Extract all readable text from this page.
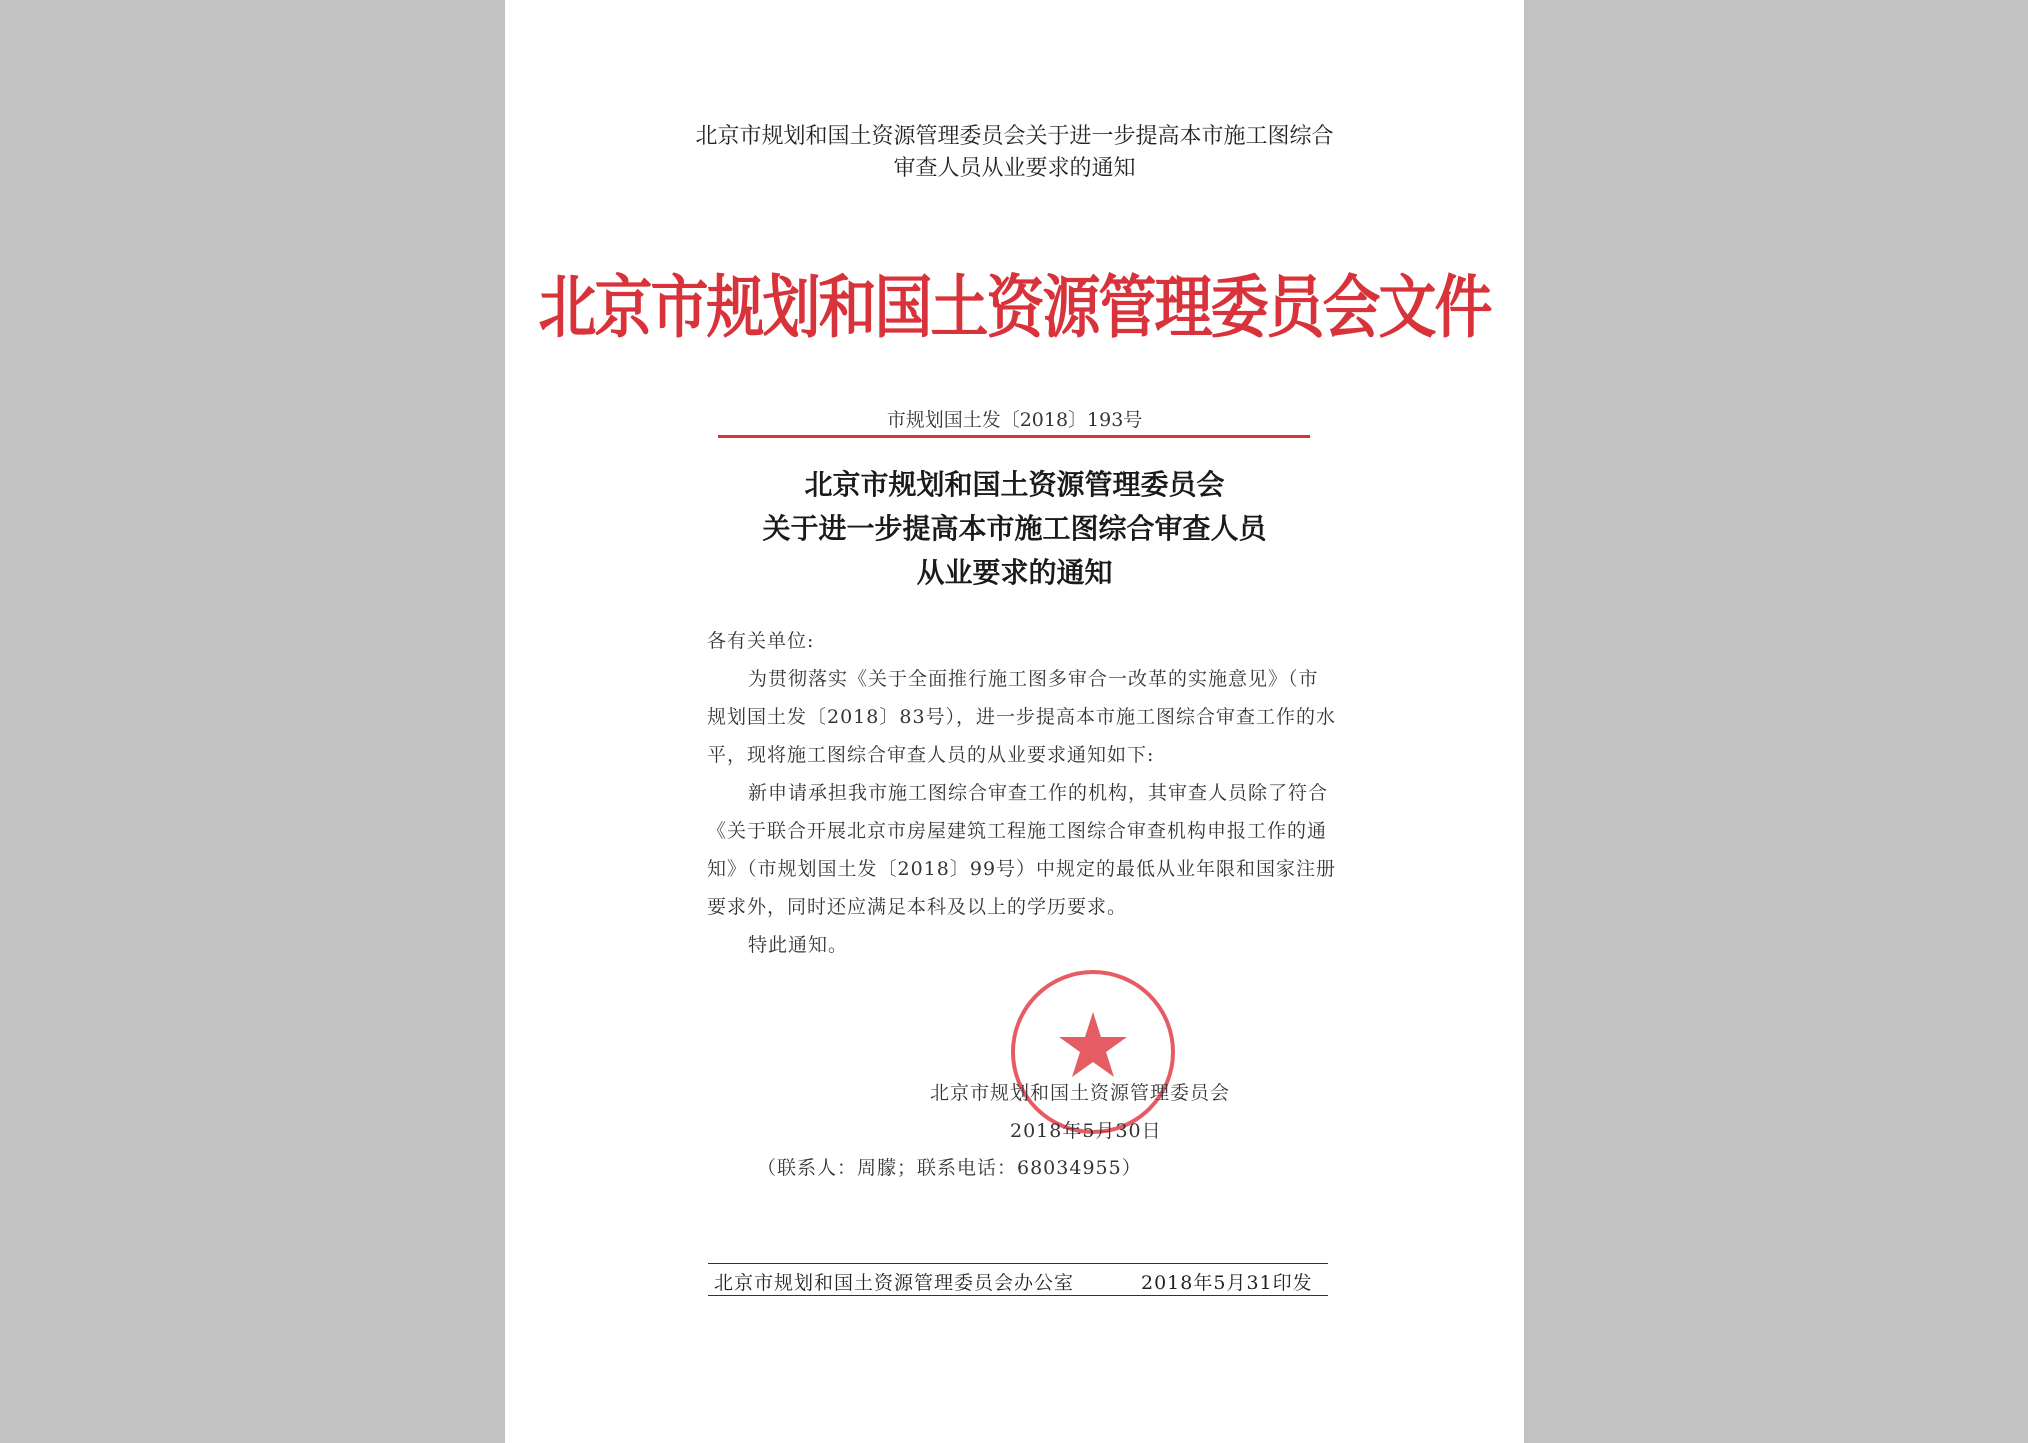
北京市规划和国土资源管理委员会关于进一步提高本市施工图综合
审查人员从业要求的通知
北京市规划和国土资源管理委员会文件
市规划国土发〔2018〕193号
北京市规划和国土资源管理委员会
关于进一步提高本市施工图综合审查人员
从业要求的通知

各有关单位:

为贯彻落实《关于全面推行施工图多审合一改革的实施意见》（市规划国土发〔2018〕83号），进一步提高本市施工图综合审查工作的水平，现将施工图综合审查人员的从业要求通知如下:

新申请承担我市施工图综合审查工作的机构，其审查人员除了符合《关于联合开展北京市房屋建筑工程施工图综合审查机构申报工作的通知》（市规划国土发〔2018〕99号）中规定的最低从业年限和国家注册要求外，同时还应满足本科及以上的学历要求。

特此通知。

北京市规划和国土资源管理委员会
2018年5月30日
（联系人：周朦；联系电话：68034955）
北京市规划和国土资源管理委员会办公室	2018年5月31印发
